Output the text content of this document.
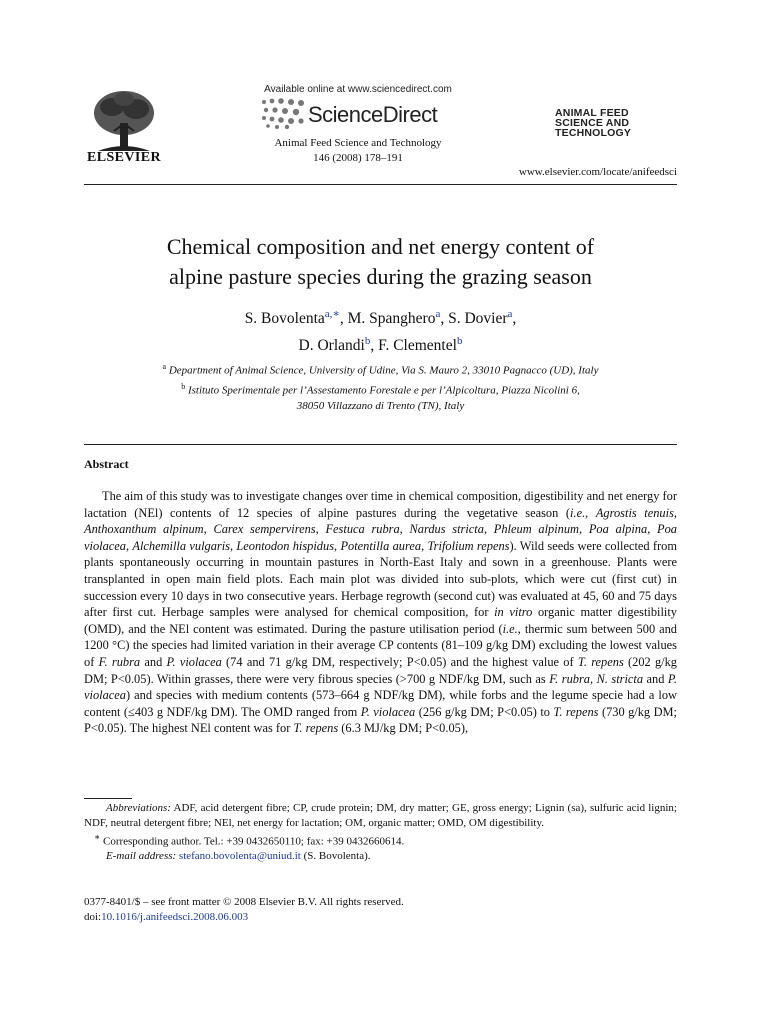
ELSEVIER
Available online at www.sciencedirect.com
ScienceDirect
Animal Feed Science and Technology
146 (2008) 178–191
ANIMAL FEED
SCIENCE AND
TECHNOLOGY
www.elsevier.com/locate/anifeedsci
Chemical composition and net energy content of
alpine pasture species during the grazing season
S. Bovolenta$^{a,∗}$, M. Spanghero$^a$, S. Dovier$^a$,
D. Orlandi$^b$, F. Clementel$^b$
$^a$ Department of Animal Science, University of Udine, Via S. Mauro 2, 33010 Pagnacco (UD), Italy
$^b$ Istituto Sperimentale per l’Assestamento Forestale e per l’Alpicoltura, Piazza Nicolini 6,
38050 Villazzano di Trento (TN), Italy
Abstract
The aim of this study was to investigate changes over time in chemical composition, digestibility and net energy for lactation (NEl) contents of 12 species of alpine pastures during the vegetative season (i.e., Agrostis tenuis, Anthoxanthum alpinum, Carex sempervirens, Festuca rubra, Nardus stricta, Phleum alpinum, Poa alpina, Poa violacea, Alchemilla vulgaris, Leontodon hispidus, Potentilla aurea, Trifolium repens). Wild seeds were collected from plants spontaneously occurring in mountain pastures in North-East Italy and sown in a greenhouse. Plants were transplanted in open main field plots. Each main plot was divided into sub-plots, which were cut (first cut) in succession every 10 days in two consecutive years. Herbage regrowth (second cut) was evaluated at 45, 60 and 75 days after first cut. Herbage samples were analysed for chemical composition, for in vitro organic matter digestibility (OMD), and the NEl content was estimated. During the pasture utilisation period (i.e., thermic sum between 500 and 1200 °C) the species had limited variation in their average CP contents (81–109 g/kg DM) excluding the lowest values of F. rubra and P. violacea (74 and 71 g/kg DM, respectively; P<0.05) and the highest value of T. repens (202 g/kg DM; P<0.05). Within grasses, there were very fibrous species (>700 g NDF/kg DM, such as F. rubra, N. stricta and P. violacea) and species with medium contents (573–664 g NDF/kg DM), while forbs and the legume specie had a low content (≤403 g NDF/kg DM). The OMD ranged from P. violacea (256 g/kg DM; P<0.05) to T. repens (730 g/kg DM; P<0.05). The highest NEl content was for T. repens (6.3 MJ/kg DM; P<0.05),
Abbreviations: ADF, acid detergent fibre; CP, crude protein; DM, dry matter; GE, gross energy; Lignin (sa), sulfuric acid lignin; NDF, neutral detergent fibre; NEl, net energy for lactation; OM, organic matter; OMD, OM digestibility.
∗ Corresponding author. Tel.: +39 0432650110; fax: +39 0432660614.
E-mail address: stefano.bovolenta@uniud.it (S. Bovolenta).
0377-8401/$ – see front matter © 2008 Elsevier B.V. All rights reserved.
doi:10.1016/j.anifeedsci.2008.06.003
